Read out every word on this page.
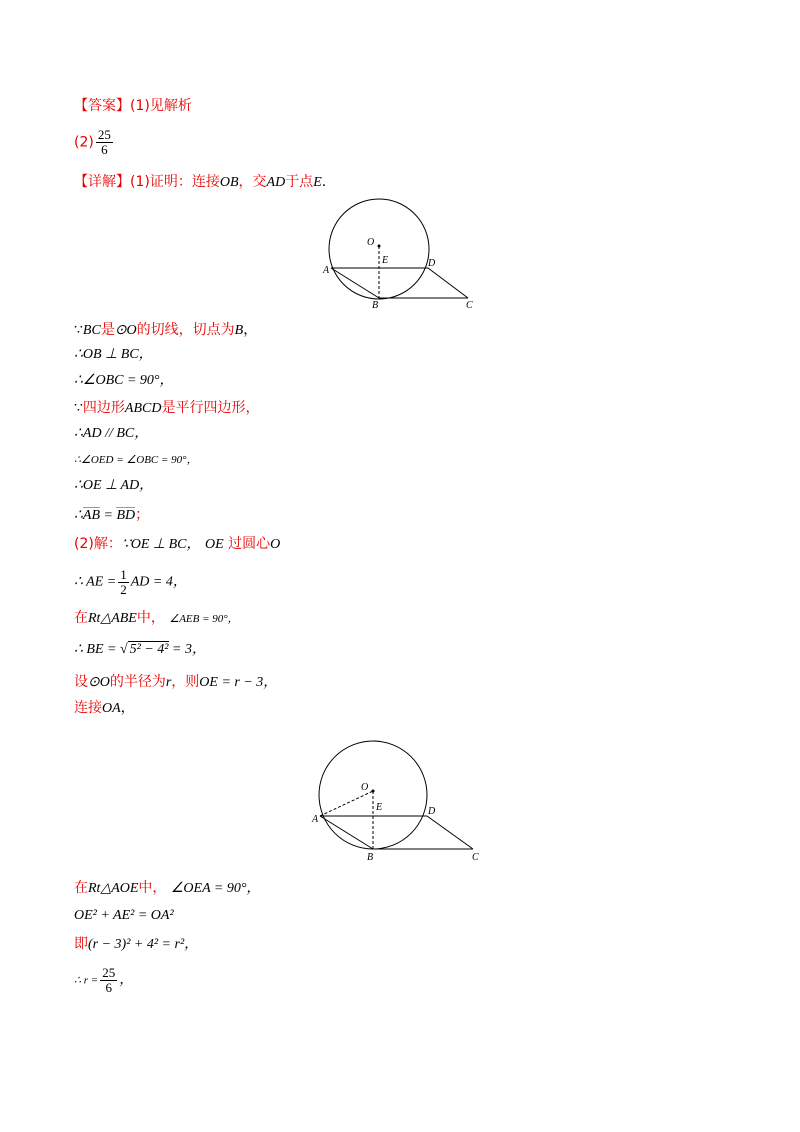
【答案】(1)见解析
$(2) \frac{25}{6}$
【详解】(1)证明：连接OB，交AD于点E.
O
E
A
D
B	C
∵BC是⊙O的切线，切点为B，
∴OB ⊥ BC，
∴∠OBC = 90°，
∵四边形ABCD是平行四边形，
∴AD // BC，
∴∠OED = ∠OBC = 90°，
∴OE ⊥ AD，
∴AB = BD；
(2)解：∵OE ⊥ BC， OE 过圆心O
∴ AE = $\frac{1}{2}$ AD = 4，
在Rt△ABE中， ∠AEB = 90°，
∴ BE = √ 5² − 4² = 3，
设⊙O的半径为r，则OE = r − 3，
连接OA，
O
E
A
D
B	C
在Rt△AOE中， ∠OEA = 90°，
OE² + AE² = OA²
即(r − 3)² + 4² = r²，
∴ $r = \frac{25}{6}$ ，
